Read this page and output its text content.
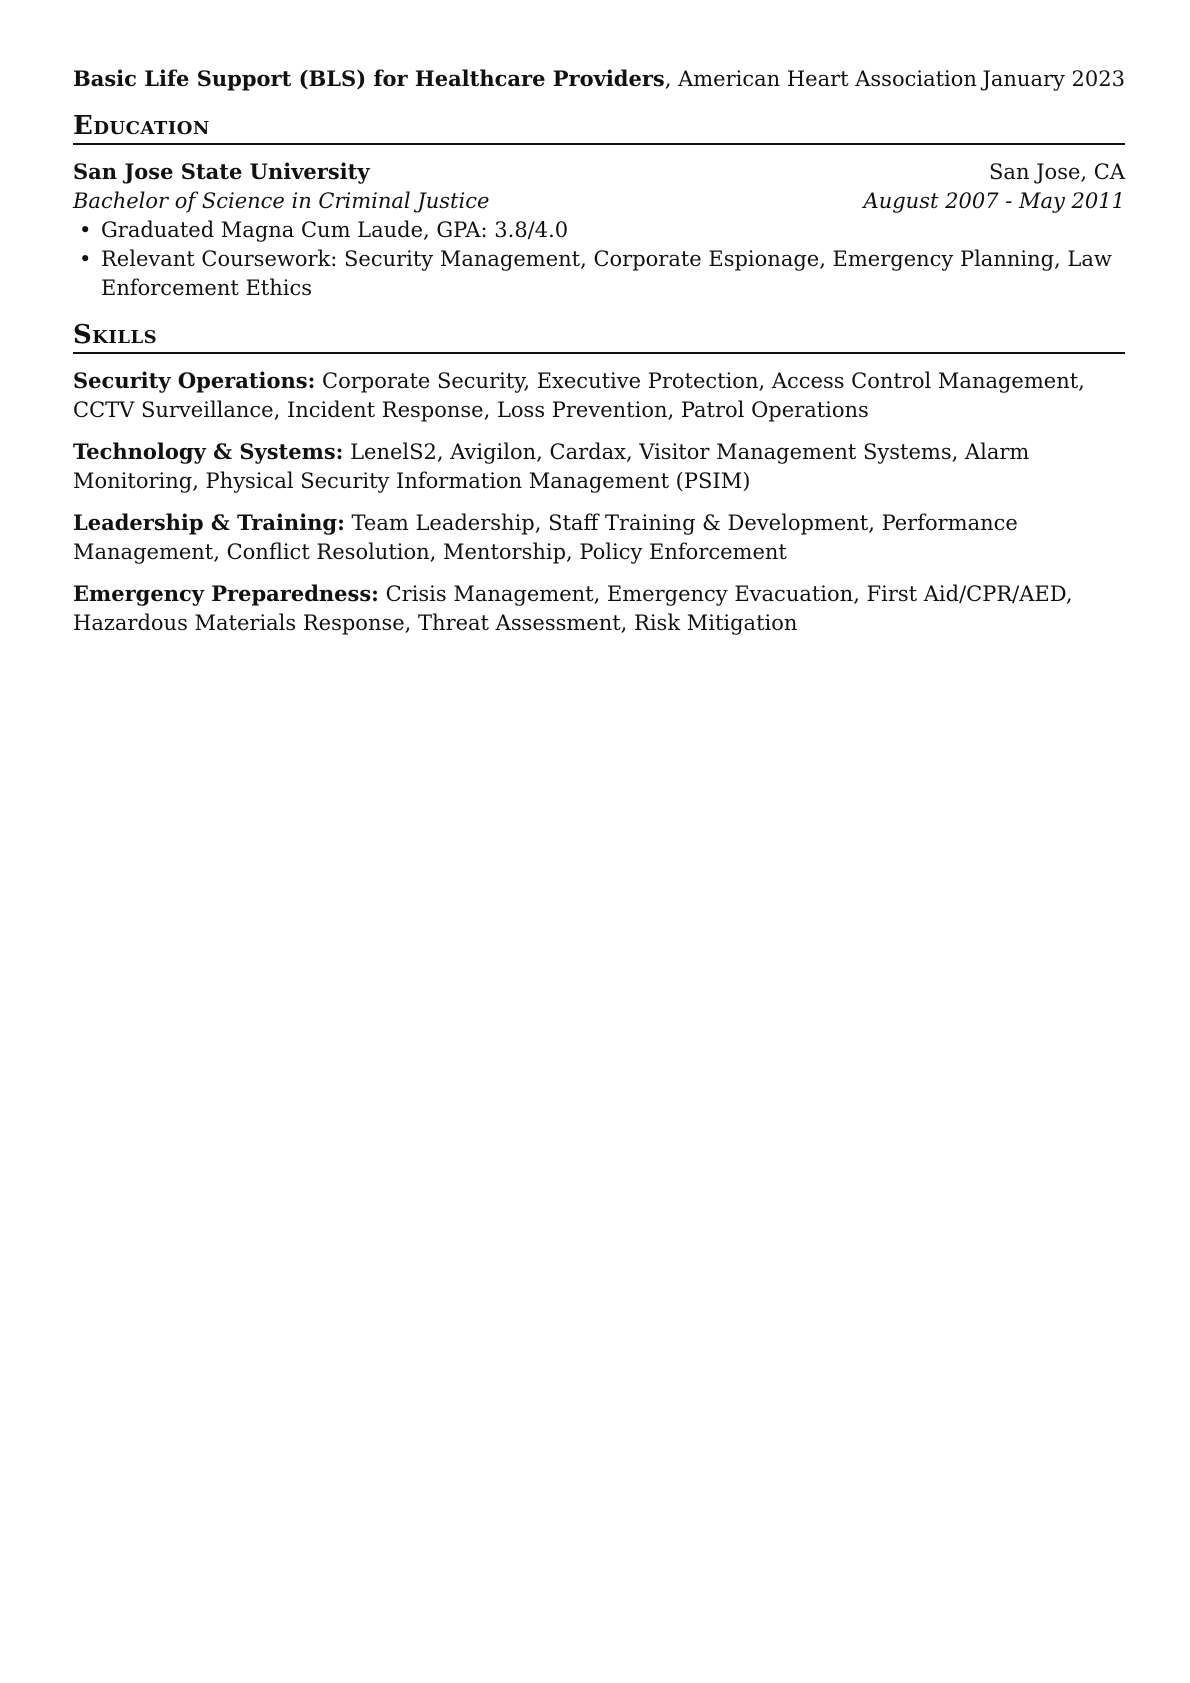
Basic Life Support (BLS) for Healthcare Providers, American Heart Association January 2023
Education
San Jose State University	San Jose, CA
Bachelor of Science in Criminal Justice	August 2007 - May 2011
• Graduated Magna Cum Laude, GPA: 3.8/4.0
• Relevant Coursework: Security Management, Corporate Espionage, Emergency Planning, Law Enforcement Ethics
Skills
Security Operations: Corporate Security, Executive Protection, Access Control Management, CCTV Surveillance, Incident Response, Loss Prevention, Patrol Operations
Technology & Systems: LenelS2, Avigilon, Cardax, Visitor Management Systems, Alarm Monitoring, Physical Security Information Management (PSIM)
Leadership & Training: Team Leadership, Staff Training & Development, Performance Management, Conflict Resolution, Mentorship, Policy Enforcement
Emergency Preparedness: Crisis Management, Emergency Evacuation, First Aid/CPR/AED, Hazardous Materials Response, Threat Assessment, Risk Mitigation
